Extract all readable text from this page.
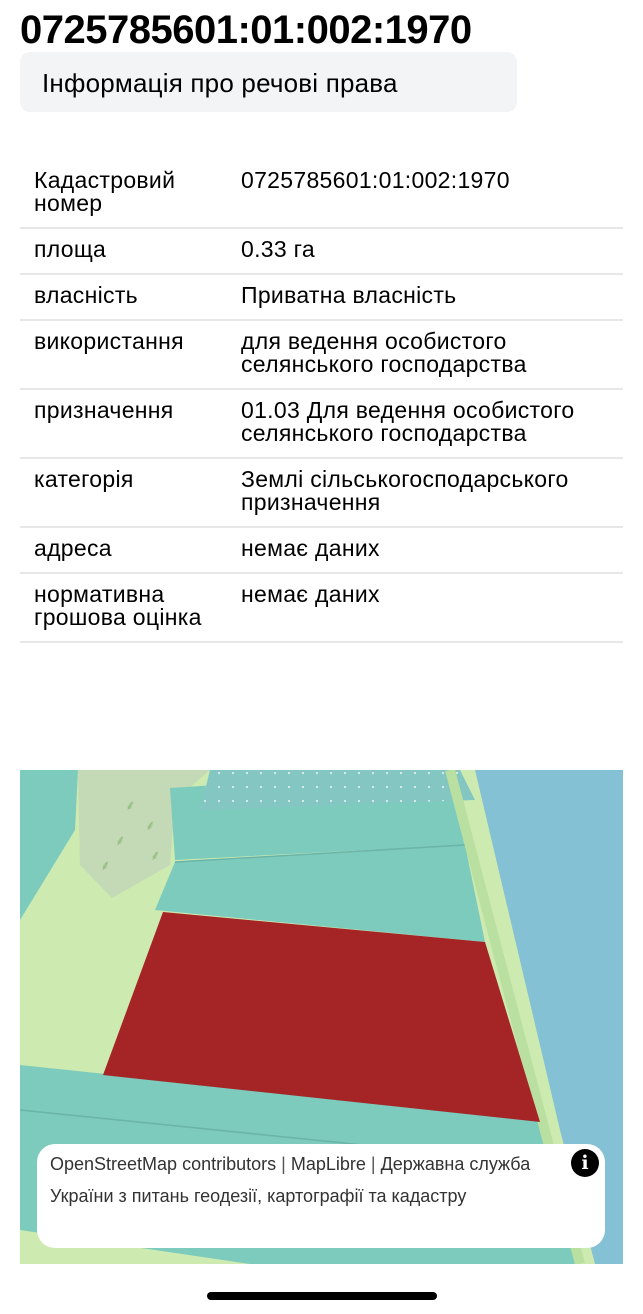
0725785601:01:002:1970
Інформація про речові права
Кадастровий номер	0725785601:01:002:1970
площа	0.33 га
власність	Приватна власність
використання	для ведення особистого селянського господарства
призначення	01.03 Для ведення особистого селянського господарства
категорія	Землі сільськогосподарського призначення
адреса	немає даних
нормативна грошова оцінка	немає даних
⸙
⸙
⸙
⸙
⸙
OpenStreetMap contributors | MapLibre | Державна служба України з питань геодезії, картографії та кадастру
i
